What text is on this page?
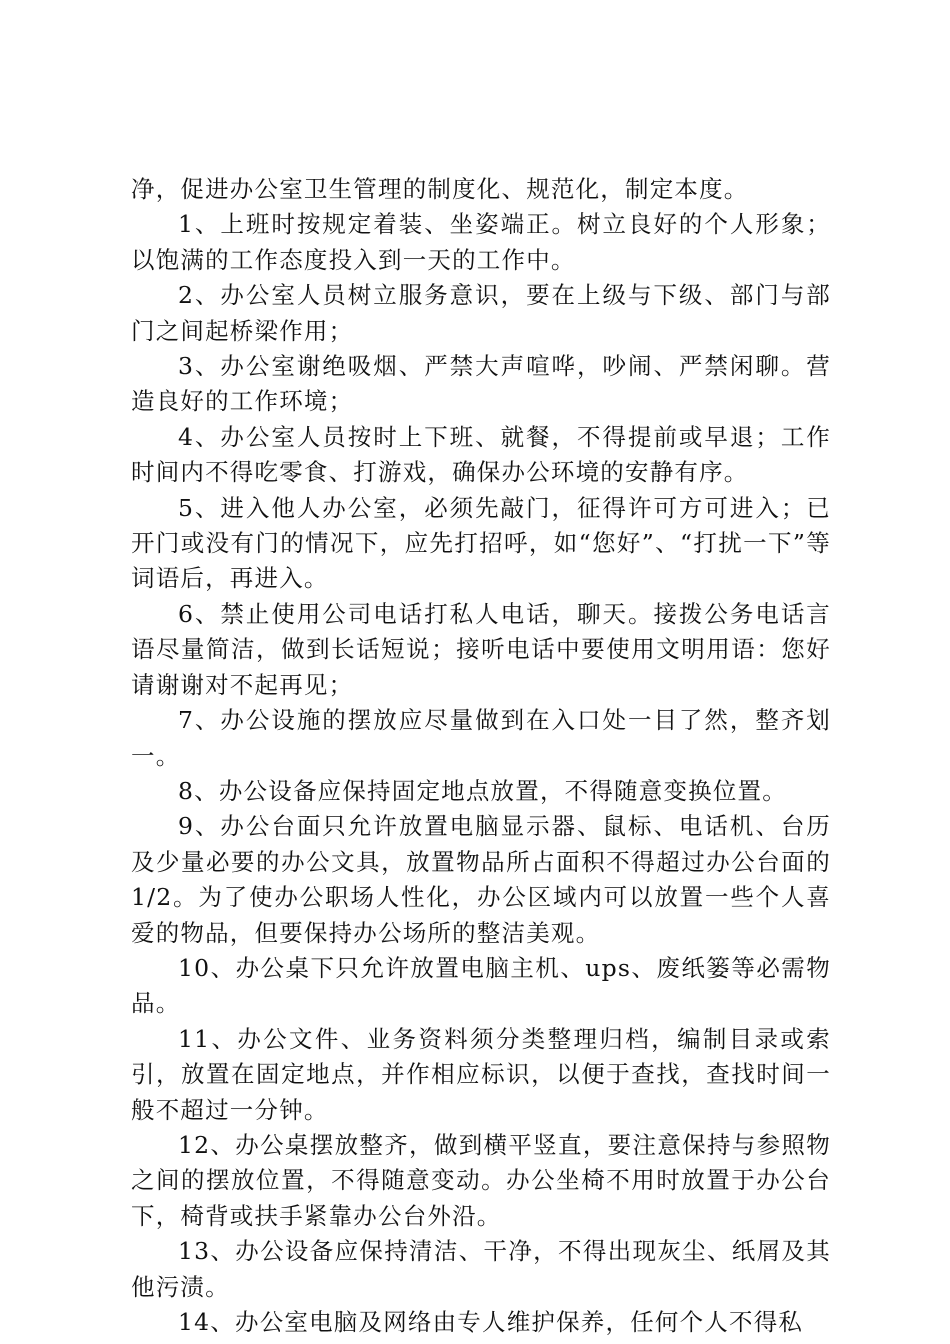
净，促进办公室卫生管理的制度化、规范化，制定本度。

1、上班时按规定着装、坐姿端正。树立良好的个人形象；以饱满的工作态度投入到一天的工作中。

2、办公室人员树立服务意识，要在上级与下级、部门与部门之间起桥梁作用；

3、办公室谢绝吸烟、严禁大声喧哗，吵闹、严禁闲聊。营造良好的工作环境；

4、办公室人员按时上下班、就餐，不得提前或早退；工作时间内不得吃零食、打游戏，确保办公环境的安静有序。

5、进入他人办公室，必须先敲门，征得许可方可进入；已开门或没有门的情况下，应先打招呼，如“您好”、“打扰一下”等词语后，再进入。

6、禁止使用公司电话打私人电话，聊天。接拨公务电话言语尽量简洁，做到长话短说；接听电话中要使用文明用语：您好请谢谢对不起再见；

7、办公设施的摆放应尽量做到在入口处一目了然，整齐划一。

8、办公设备应保持固定地点放置，不得随意变换位置。

9、办公台面只允许放置电脑显示器、鼠标、电话机、台历及少量必要的办公文具，放置物品所占面积不得超过办公台面的1/2。为了使办公职场人性化，办公区域内可以放置一些个人喜爱的物品，但要保持办公场所的整洁美观。

10、办公桌下只允许放置电脑主机、ups、废纸篓等必需物品。

11、办公文件、业务资料须分类整理归档，编制目录或索引，放置在固定地点，并作相应标识，以便于查找，查找时间一般不超过一分钟。

12、办公桌摆放整齐，做到横平竖直，要注意保持与参照物之间的摆放位置，不得随意变动。办公坐椅不用时放置于办公台下，椅背或扶手紧靠办公台外沿。

13、办公设备应保持清洁、干净，不得出现灰尘、纸屑及其他污渍。

14、办公室电脑及网络由专人维护保养，任何个人不得私
